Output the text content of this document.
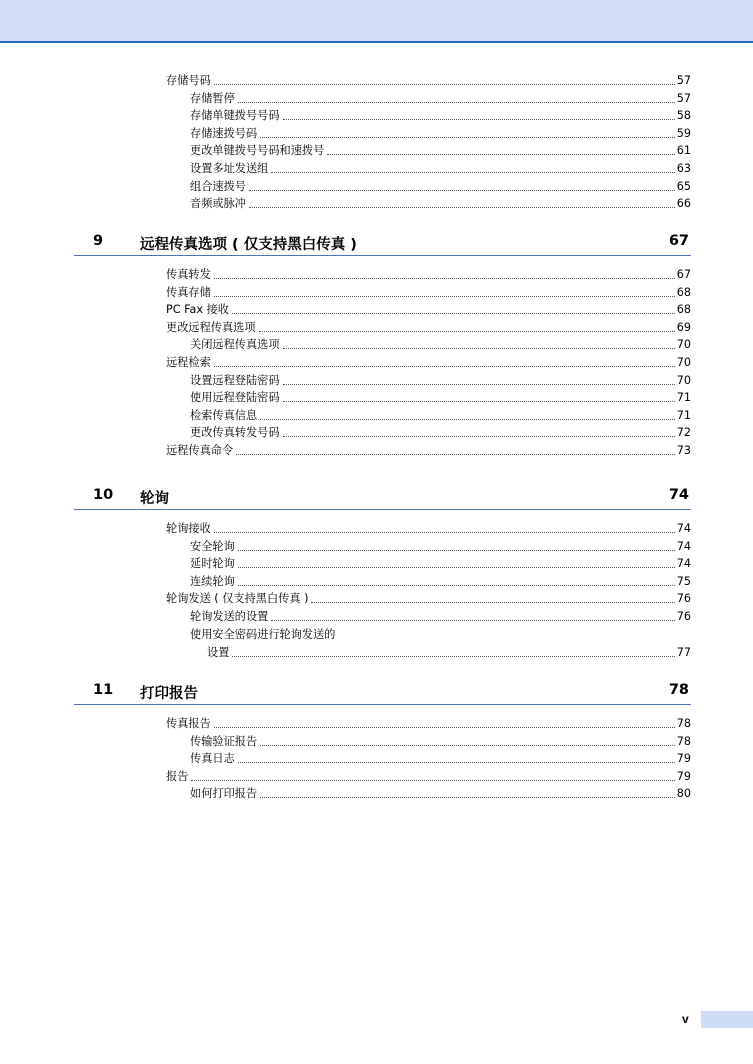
存储号码	57
存储暂停	57
存储单键拨号号码	58
存储速拨号码	59
更改单键拨号号码和速拨号	61
设置多址发送组	63
组合速拨号	65
音频或脉冲	66
9	远程传真选项 ( 仅支持黑白传真 )	67
传真转发	67
传真存储	68
PC Fax 接收	68
更改远程传真选项	69
关闭远程传真选项	70
远程检索	70
设置远程登陆密码	70
使用远程登陆密码	71
检索传真信息	71
更改传真转发号码	72
远程传真命令	73
10 轮询	74
轮询接收	74
安全轮询	74
延时轮询	74
连续轮询	75
轮询发送 ( 仅支持黑白传真 )	76
轮询发送的设置	76
使用安全密码进行轮询发送的
设置	77
11 打印报告	78
传真报告	78
传输验证报告	78
传真日志	79
报告	79
如何打印报告	80
v
